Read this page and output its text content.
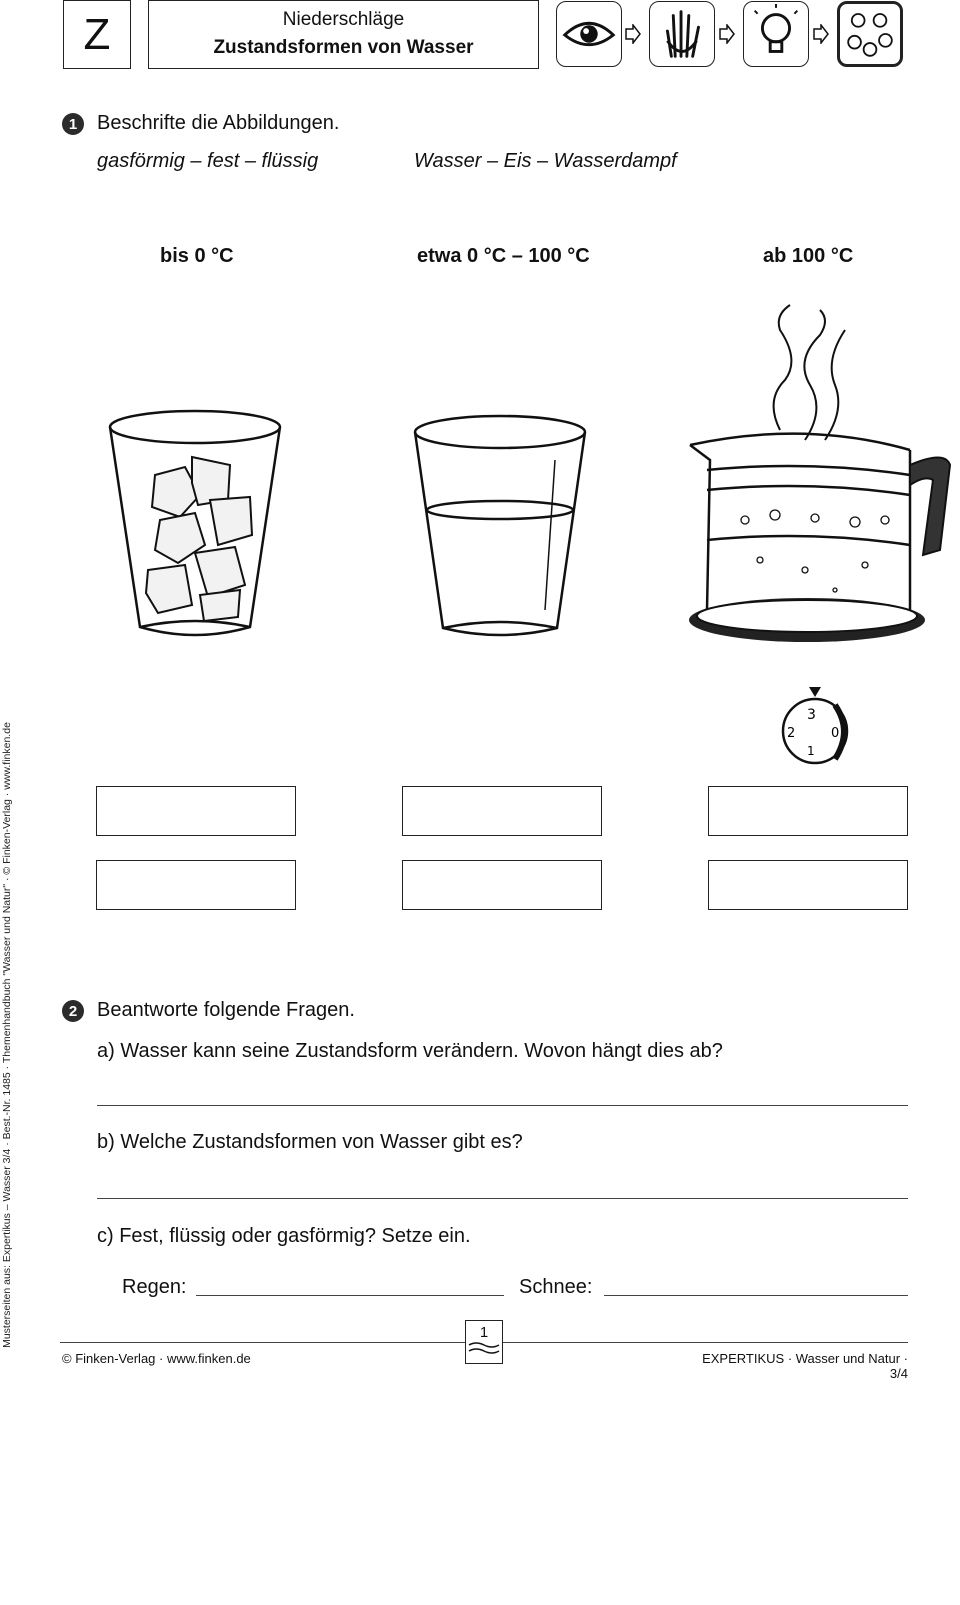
Z	Niederschläge
Zustandsformen von Wasser
1 Beschrifte die Abbildungen.
gasförmig – fest – flüssig	Wasser – Eis – Wasserdampf
bis 0 °C	etwa 0 °C – 100 °C	ab 100 °C
3
2	0
1
2 Beantworte folgende Fragen.
a) Wasser kann seine Zustandsform verändern. Wovon hängt dies ab?
b) Welche Zustandsformen von Wasser gibt es?
c) Fest, flüssig oder gasförmig? Setze ein.
Regen:	Schnee:
1
© Finken-Verlag · www.finken.de	EXPERTIKUS · Wasser und Natur · 3/4
Musterseiten aus: Expertikus – Wasser 3/4 · Best.-Nr. 1485 · Themenhandbuch "Wasser und Natur" · © Finken-Verlag · www.finken.de
